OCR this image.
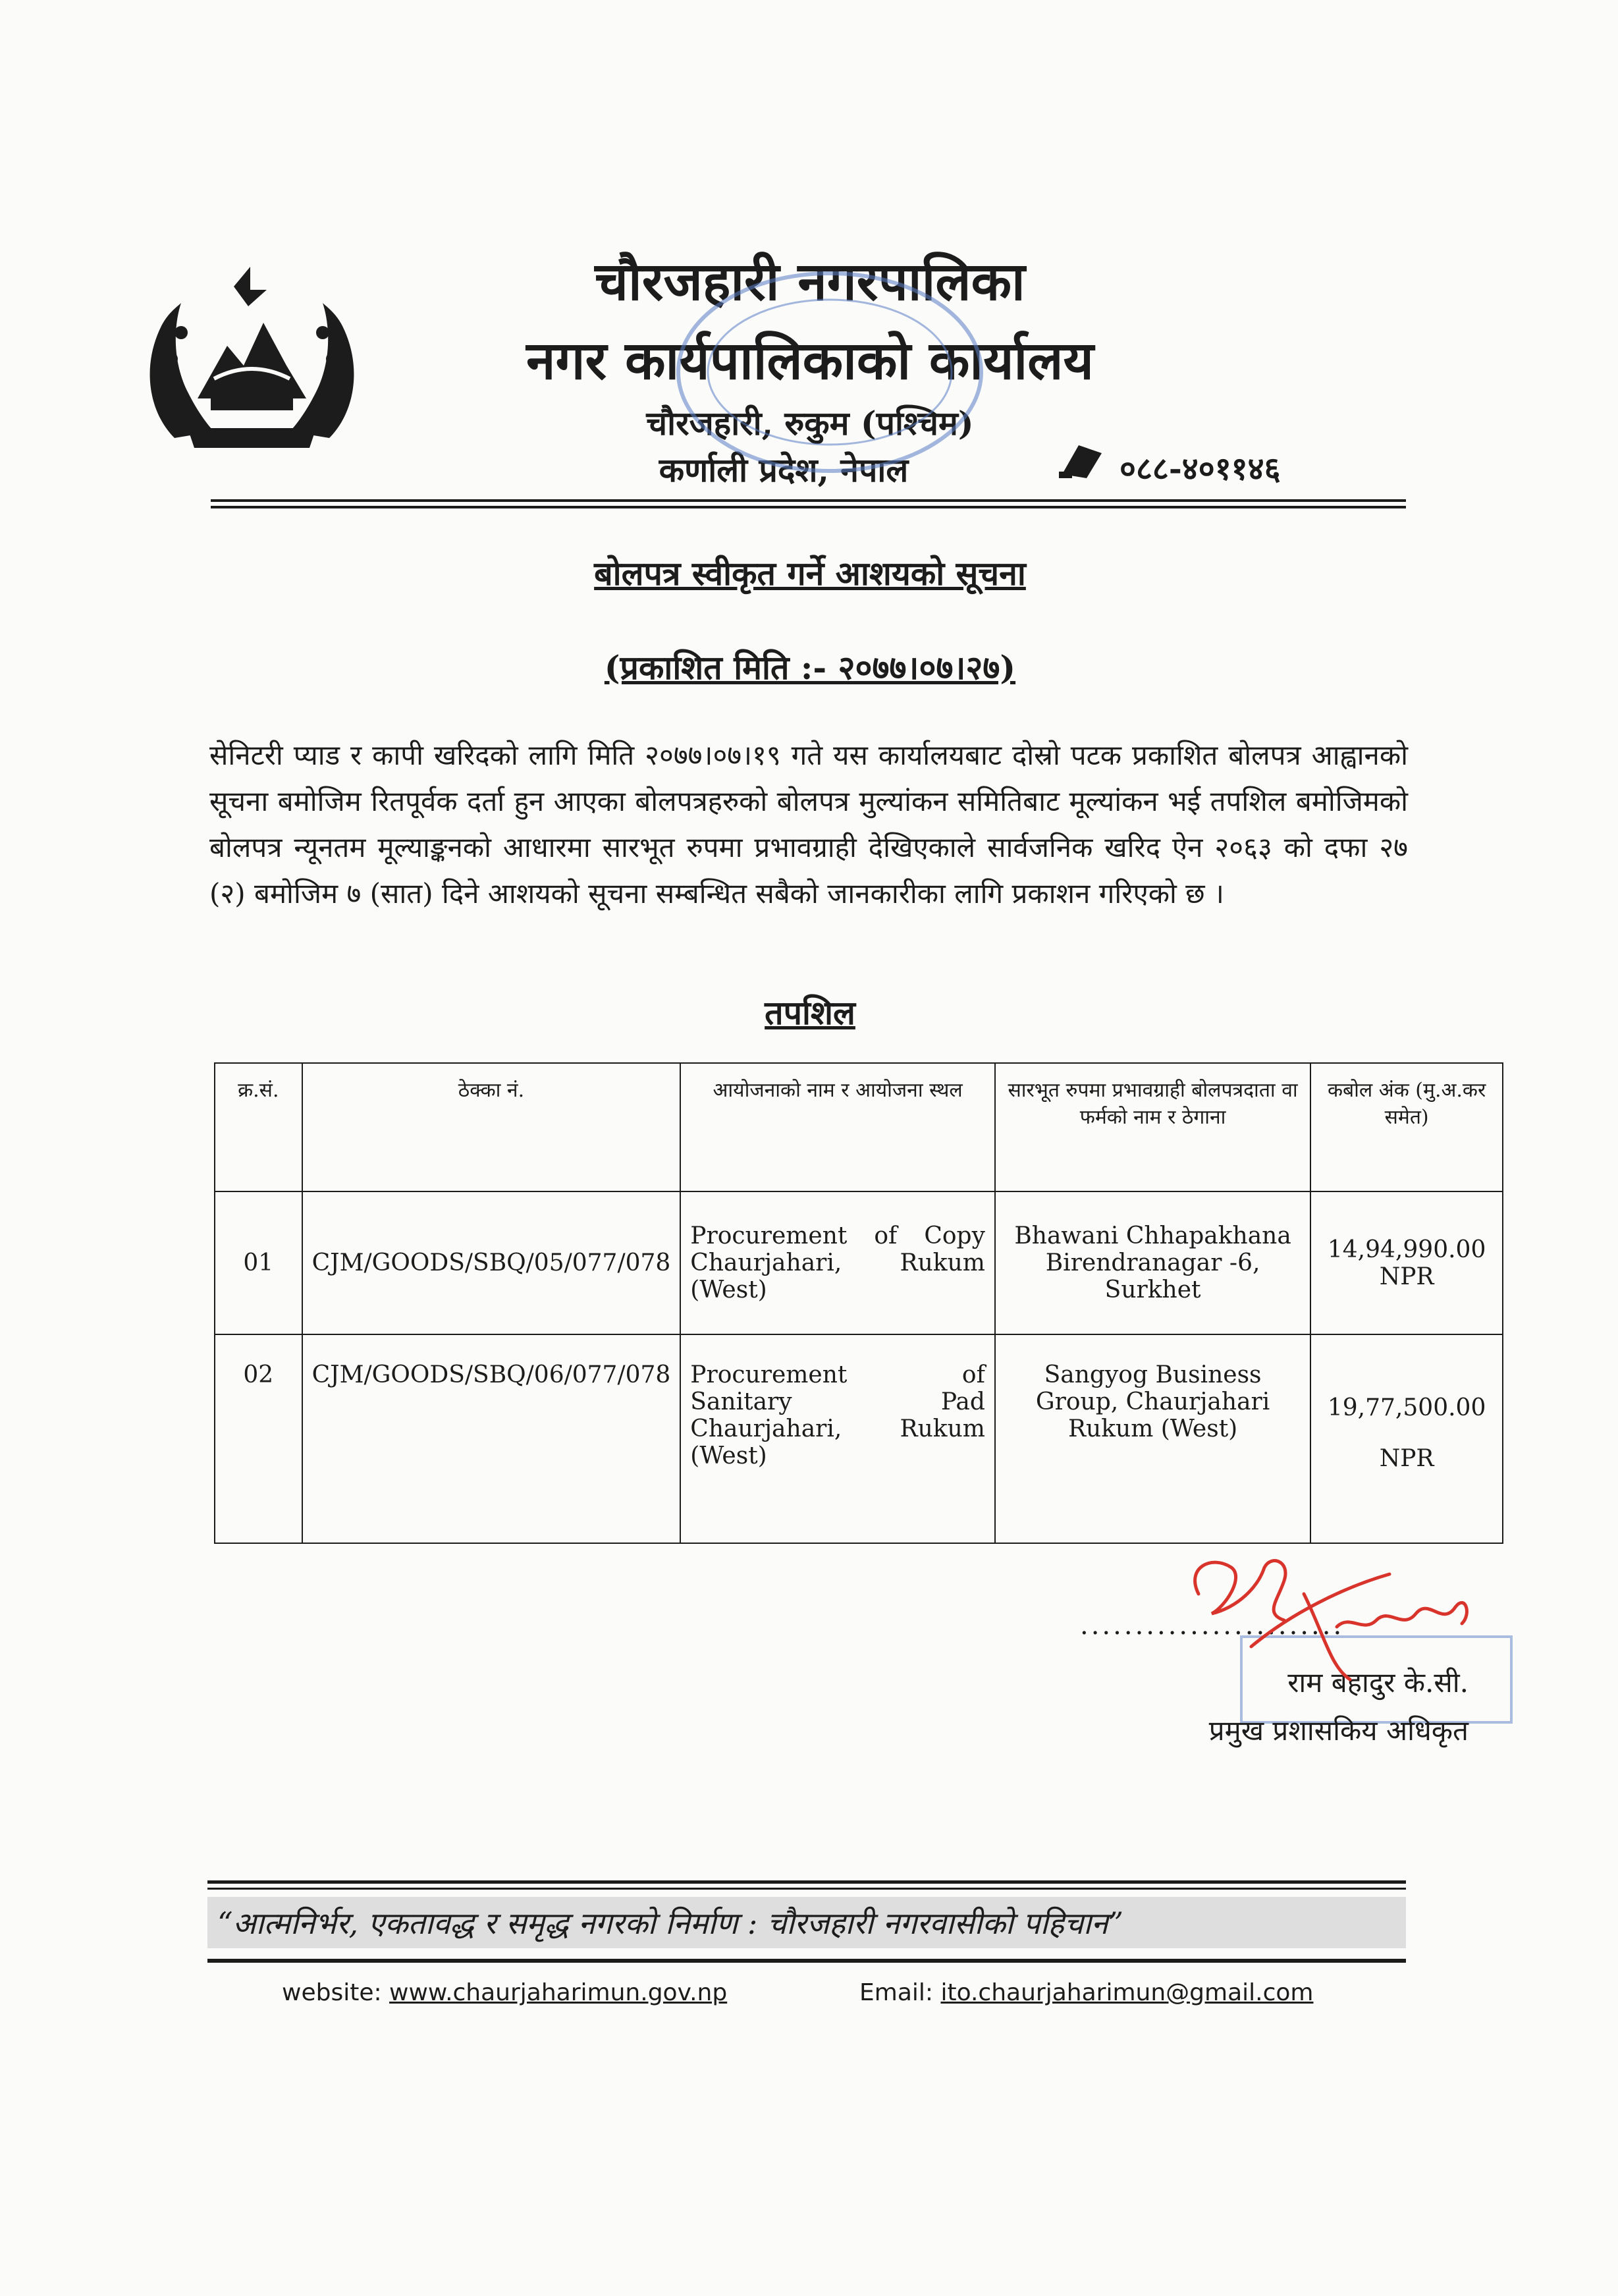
चौरजहारी नगरपालिका
नगर कार्यपालिकाको कार्यालय
चौरजहारी, रुकुम (पश्चिम)
कर्णाली प्रदेश, नेपाल	०८८-४०११४६
बोलपत्र स्वीकृत गर्ने आशयको सूचना
(प्रकाशित मिति :- २०७७।०७।२७)
सेनिटरी प्याड र कापी खरिदको लागि मिति २०७७।०७।१९ गते यस कार्यालयबाट दोस्रो पटक प्रकाशित बोलपत्र आह्वानको सूचना बमोजिम रितपूर्वक दर्ता हुन आएका बोलपत्रहरुको बोलपत्र मुल्यांकन समितिबाट मूल्यांकन भई तपशिल बमोजिमको बोलपत्र न्यूनतम मूल्याङ्कनको आधारमा सारभूत रुपमा प्रभावग्राही देखिएकाले सार्वजनिक खरिद ऐन २०६३ को दफा २७ (२) बमोजिम ७ (सात) दिने आशयको सूचना सम्बन्धित सबैको जानकारीका लागि प्रकाशन गरिएको छ ।
तपशिल
क्र.सं.	ठेक्का नं.	आयोजनाको नाम र आयोजना स्थल	सारभूत रुपमा प्रभावग्राही बोलपत्रदाता वा फर्मको नाम र ठेगाना	कबोल अंक (मु.अ.कर समेत)
01	CJM/GOODS/SBQ/05/077/078	Procurement of Copy Chaurjahari, Rukum (West)	Bhawani Chhapakhana Birendranagar -6, Surkhet	14,94,990.00
NPR

02	CJM/GOODS/SBQ/06/077/078	Procurement of Sanitary Pad Chaurjahari, Rukum (West)	Sangyog Business Group, Chaurjahari Rukum (West)	19,77,500.00
NPR
........................
राम बहादुर के.सी.
प्रमुख प्रशासकिय अधिकृत
“आत्मनिर्भर, एकतावद्ध र समृद्ध नगरको निर्माण : चौरजहारी नगरवासीको पहिचान”
website: www.chaurjaharimun.gov.np	Email: ito.chaurjaharimun@gmail.com
